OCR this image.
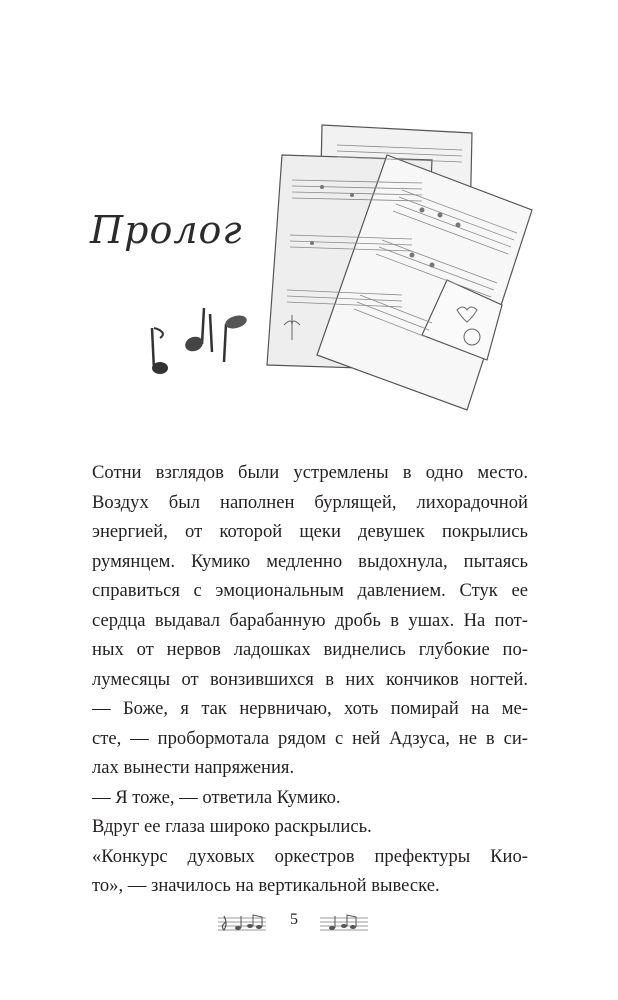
Пролог
Сотни взглядов были устремлены в одно место.
Воздух был наполнен бурлящей, лихорадочной
энергией, от которой щеки девушек покрылись
румянцем. Кумико медленно выдохнула, пытаясь
справиться с эмоциональным давлением. Стук ее
сердца выдавал барабанную дробь в ушах. На пот-
ных от нервов ладошках виднелись глубокие по-
лумесяцы от вонзившихся в них кончиков ногтей.
— Боже, я так нервничаю, хоть помирай на ме-
сте, — пробормотала рядом с ней Адзуса, не в си-
лах вынести напряжения.
— Я тоже, — ответила Кумико.
Вдруг ее глаза широко раскрылись.
«Конкурс духовых оркестров префектуры Кио-
то», — значилось на вертикальной вывеске.
5
